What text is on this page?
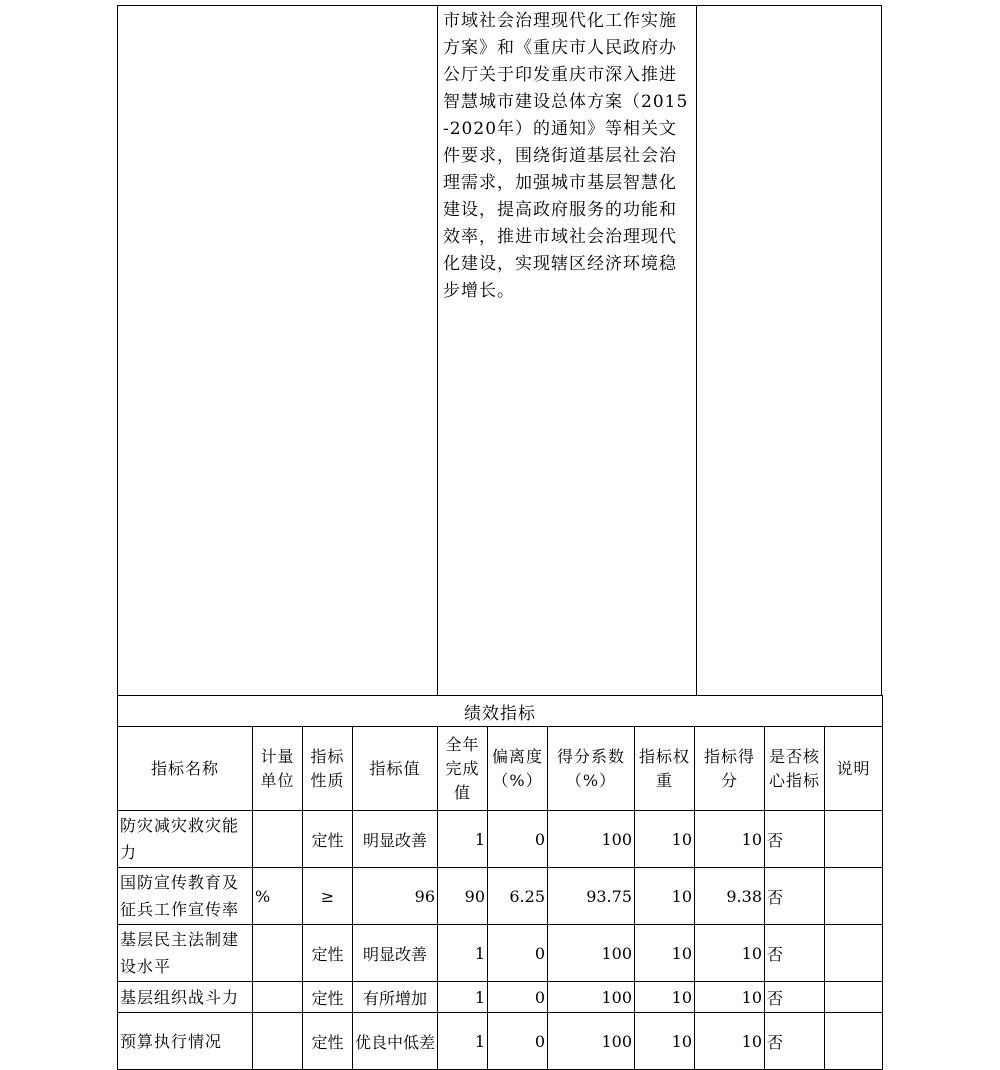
市域社会治理现代化工作实施方案》和《重庆市人民政府办公厅关于印发重庆市深入推进智慧城市建设总体方案（2015-2020年）的通知》等相关文件要求，围绕街道基层社会治理需求，加强城市基层智慧化建设，提高政府服务的功能和效率，推进市域社会治理现代化建设，实现辖区经济环境稳步增长。
绩效指标										
指标名称	计量单位	指标性质	指标值	全年完成值	偏离度（%）	得分系数（%）	指标权重	指标得分	是否核心指标	说明
防灾减灾救灾能力		定性	明显改善	1	0	100	10	10	否	
国防宣传教育及征兵工作宣传率	%	≥	96	90	6.25	93.75	10	9.38	否	
基层民主法制建设水平		定性	明显改善	1	0	100	10	10	否	
基层组织战斗力		定性	有所增加	1	0	100	10	10	否	
预算执行情况		定性	优良中低差	1	0	100	10	10	否	
